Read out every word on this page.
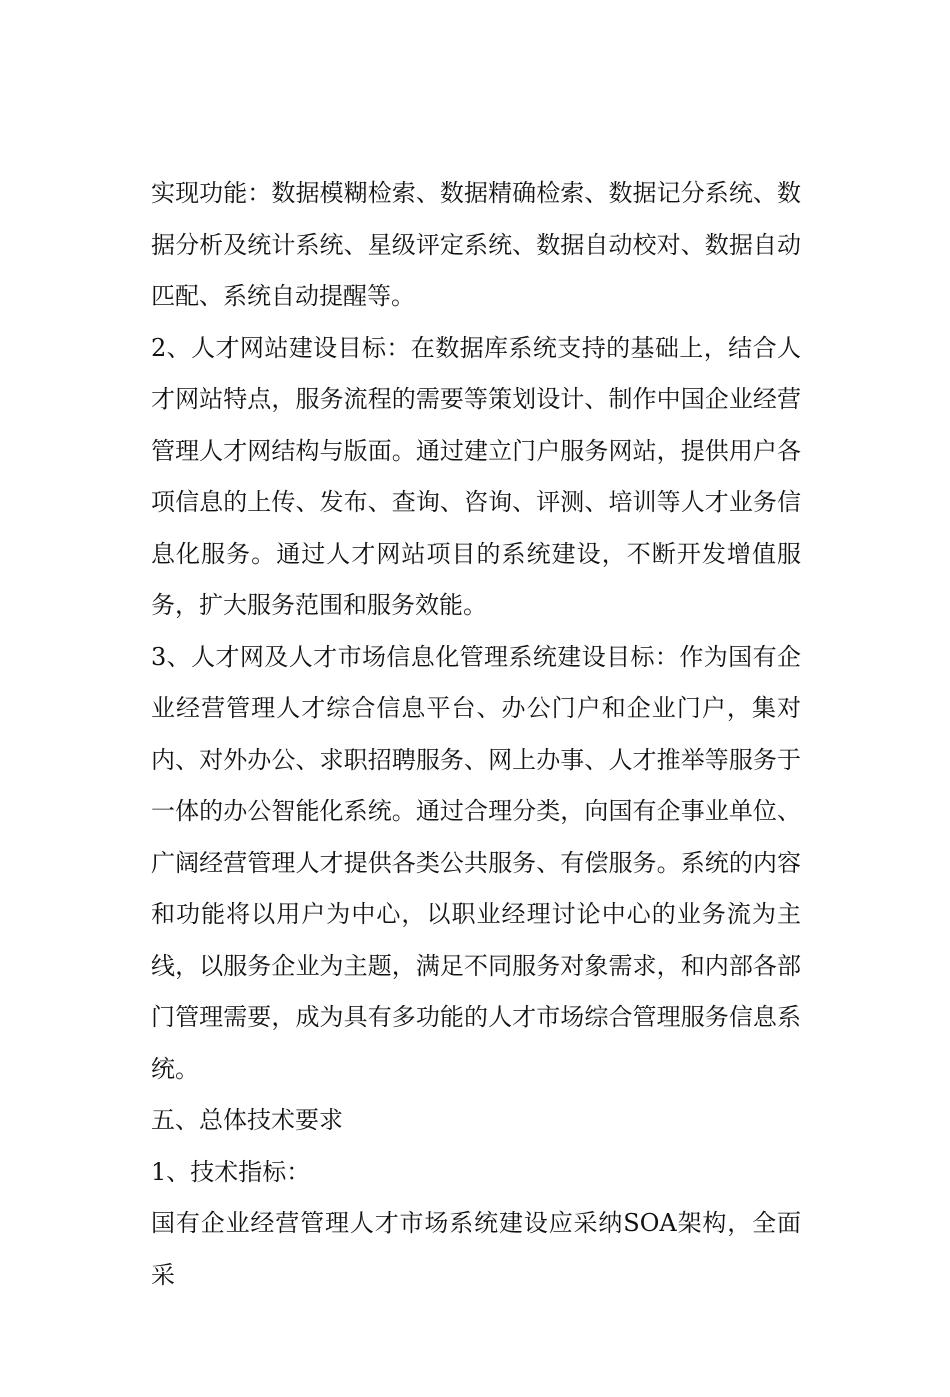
实现功能：数据模糊检索、数据精确检索、数据记分系统、数据分析及统计系统、星级评定系统、数据自动校对、数据自动匹配、系统自动提醒等。

2、人才网站建设目标：在数据库系统支持的基础上，结合人才网站特点，服务流程的需要等策划设计、制作中国企业经营管理人才网结构与版面。通过建立门户服务网站，提供用户各项信息的上传、发布、查询、咨询、评测、培训等人才业务信息化服务。通过人才网站项目的系统建设，不断开发增值服务，扩大服务范围和服务效能。

3、人才网及人才市场信息化管理系统建设目标：作为国有企业经营管理人才综合信息平台、办公门户和企业门户，集对内、对外办公、求职招聘服务、网上办事、人才推举等服务于一体的办公智能化系统。通过合理分类，向国有企事业单位、广阔经营管理人才提供各类公共服务、有偿服务。系统的内容和功能将以用户为中心，以职业经理讨论中心的业务流为主线，以服务企业为主题，满足不同服务对象需求，和内部各部门管理需要，成为具有多功能的人才市场综合管理服务信息系统。

五、总体技术要求

1、技术指标：

国有企业经营管理人才市场系统建设应采纳SOA架构，全面采
